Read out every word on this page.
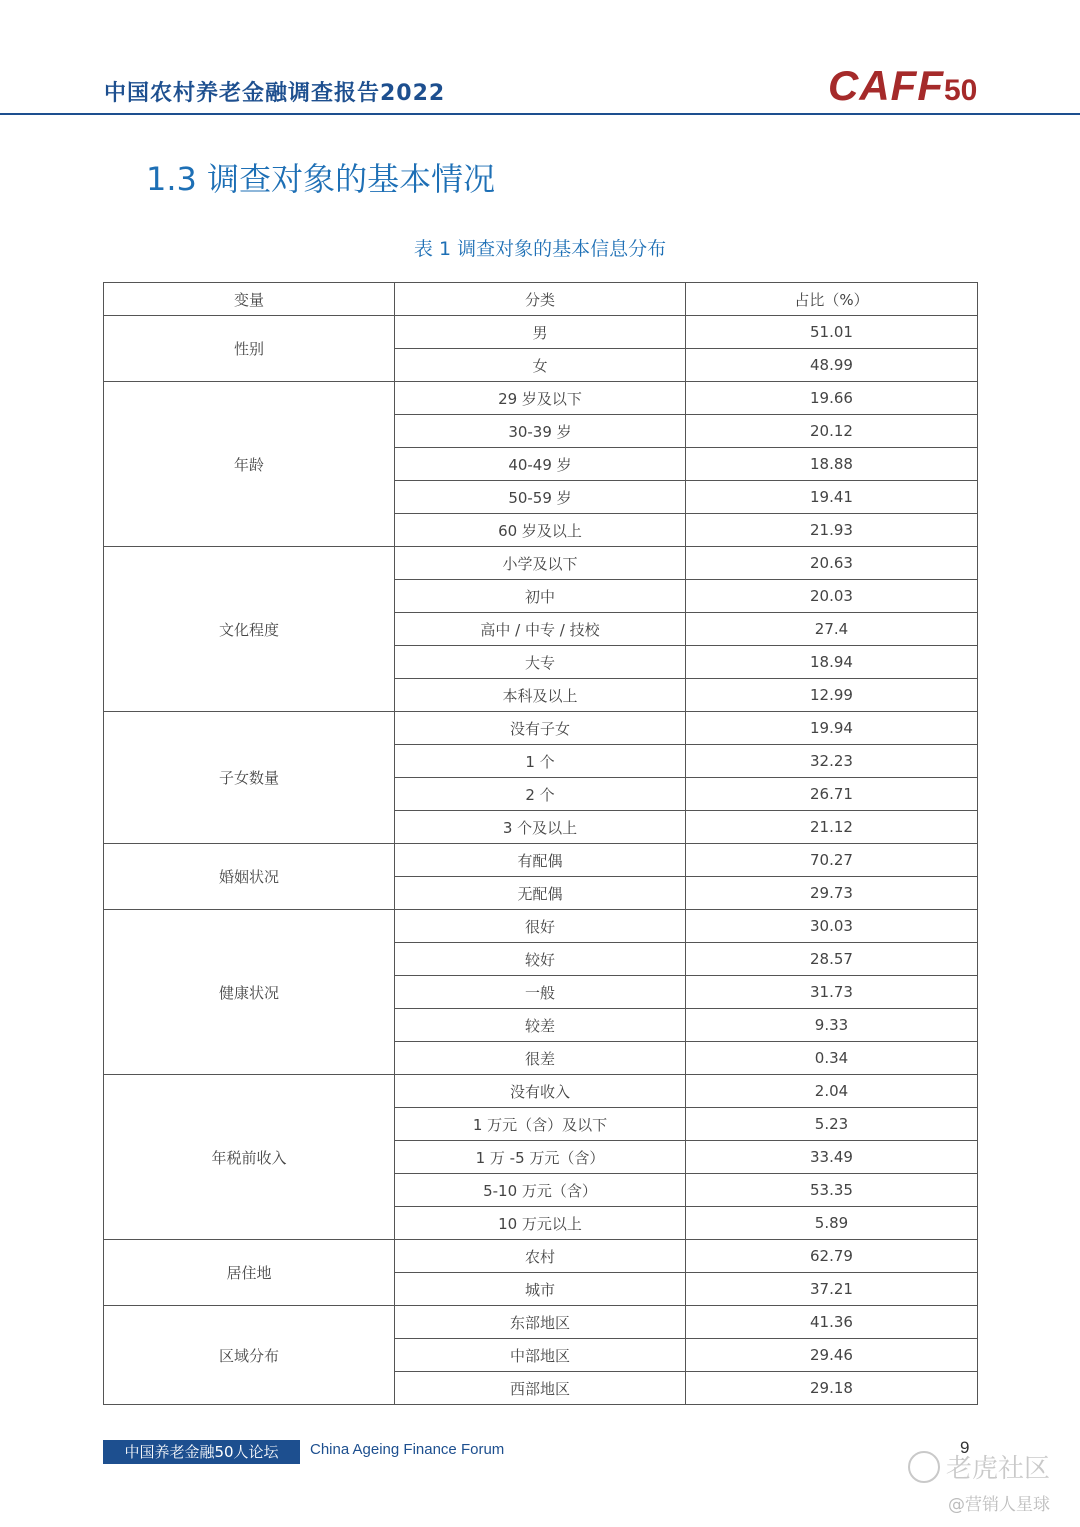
中国农村养老金融调查报告2022	CAFF50
1.3 调查对象的基本情况
表 1 调查对象的基本信息分布
变量	分类	占比（%）
性别	男	51.01
	女	48.99
年龄	29 岁及以下	19.66
	30-39 岁	20.12
	40-49 岁	18.88
	50-59 岁	19.41
	60 岁及以上	21.93
文化程度	小学及以下	20.63
	初中	20.03
	高中 / 中专 / 技校	27.4
	大专	18.94
	本科及以上	12.99
子女数量	没有子女	19.94
	1 个	32.23
	2 个	26.71
	3 个及以上	21.12
婚姻状况	有配偶	70.27
	无配偶	29.73
健康状况	很好	30.03
	较好	28.57
	一般	31.73
	较差	9.33
	很差	0.34
年税前收入	没有收入	2.04
	1 万元（含）及以下	5.23
	1 万 -5 万元（含）	33.49
	5-10 万元（含）	53.35
	10 万元以上	5.89
居住地	农村	62.79
	城市	37.21
区域分布	东部地区	41.36
	中部地区	29.46
	西部地区	29.18
中国养老金融50人论坛	China Ageing Finance Forum	9
老虎社区
@营销人星球
